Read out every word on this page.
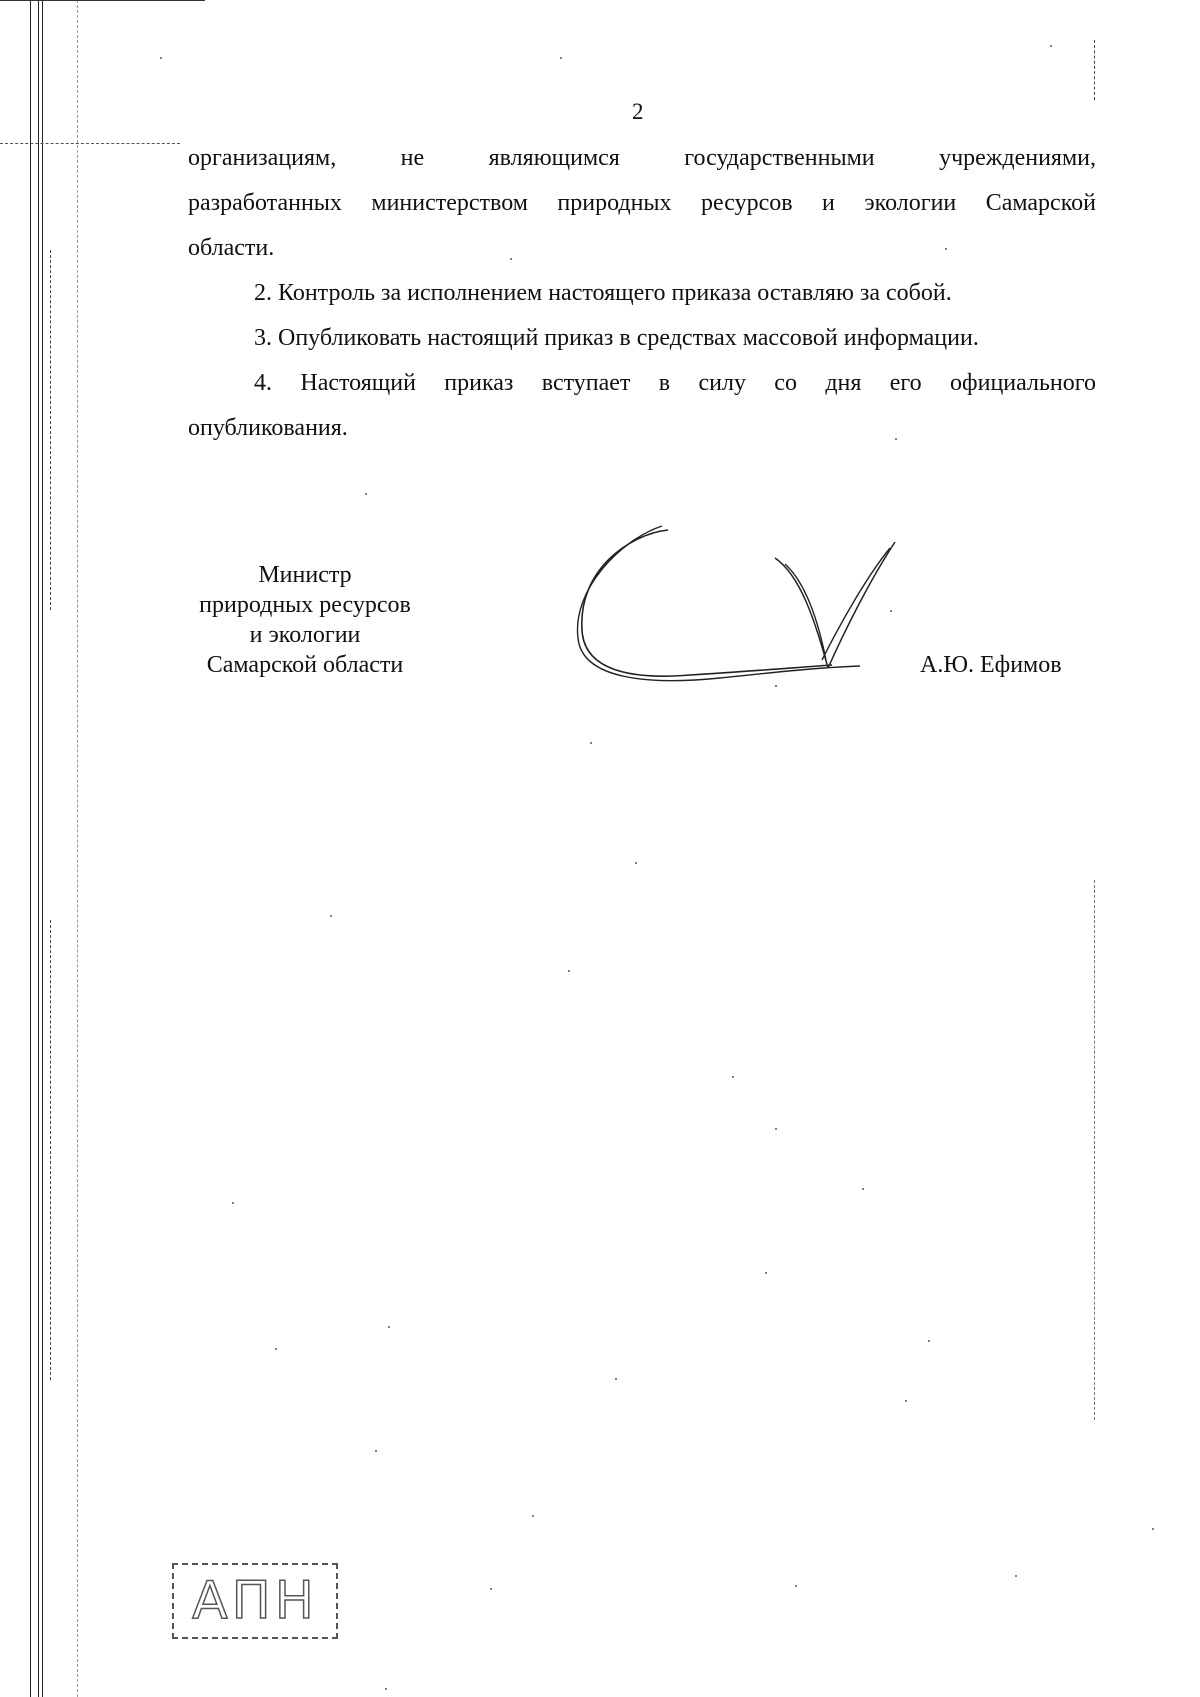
2
организациям, не являющимся государственными учреждениями,
разработанных министерством природных ресурсов и экологии Самарской
области.
2. Контроль за исполнением настоящего приказа оставляю за собой.
3. Опубликовать настоящий приказ в средствах массовой информации.
4. Настоящий приказ вступает в силу со дня его официального
опубликования.
Министр
природных ресурсов
и экологии
Самарской области	А.Ю. Ефимов
АПН
